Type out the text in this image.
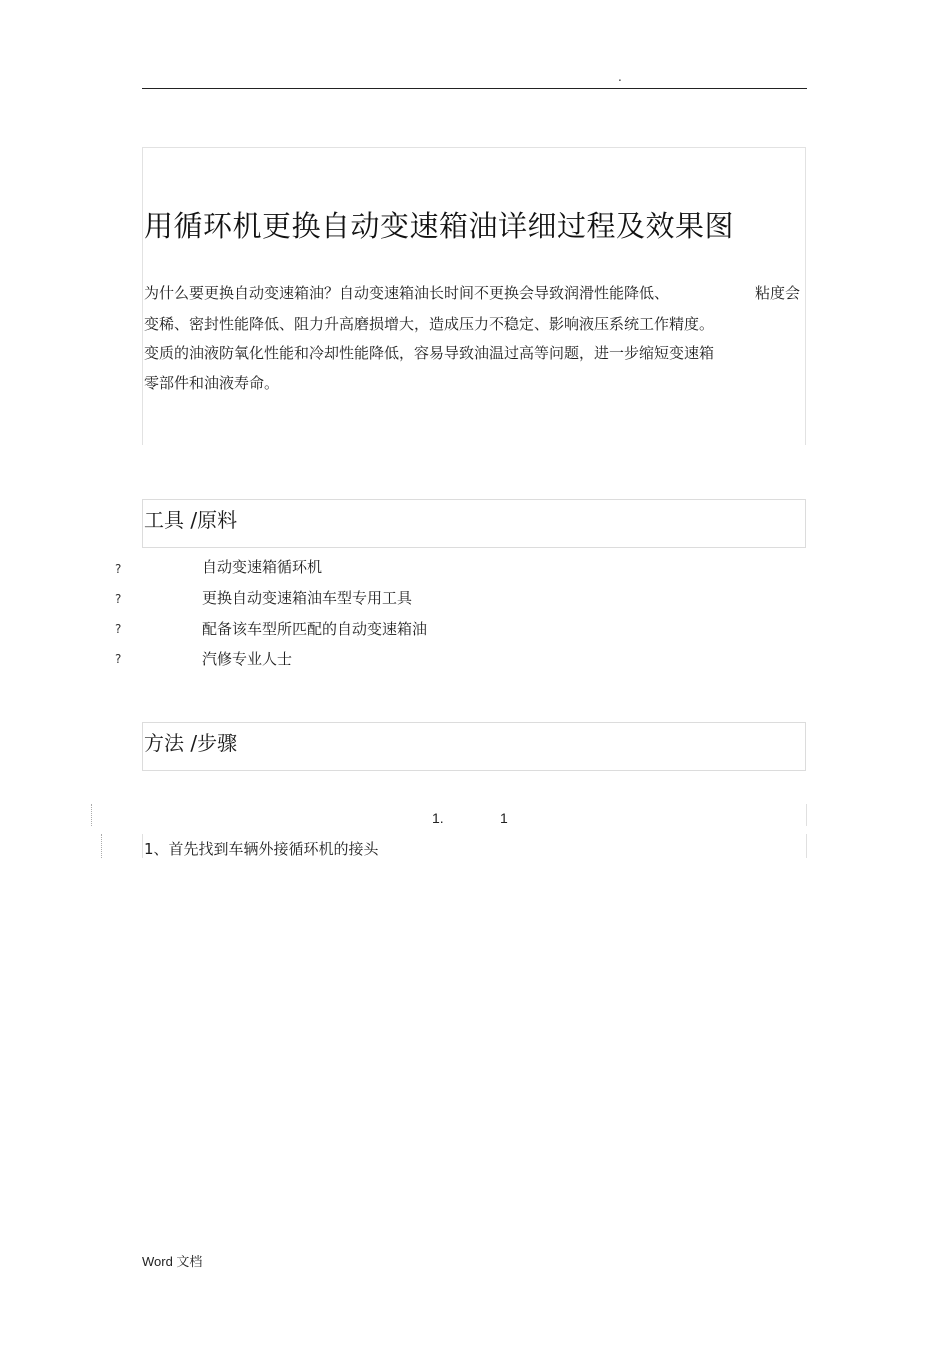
.
用循环机更换自动变速箱油详细过程及效果图
为什么要更换自动变速箱油？自动变速箱油长时间不更换会导致润滑性能降低、	粘度会
变稀、密封性能降低、阻力升高磨损增大，造成压力不稳定、影响液压系统工作精度。
变质的油液防氧化性能和冷却性能降低，容易导致油温过高等问题，进一步缩短变速箱
零部件和油液寿命。
工具 /原料
?	自动变速箱循环机
?	更换自动变速箱油车型专用工具
?	配备该车型所匹配的自动变速箱油
?	汽修专业人士
方法 /步骤
1.	1
1、首先找到车辆外接循环机的接头
Word 文档
